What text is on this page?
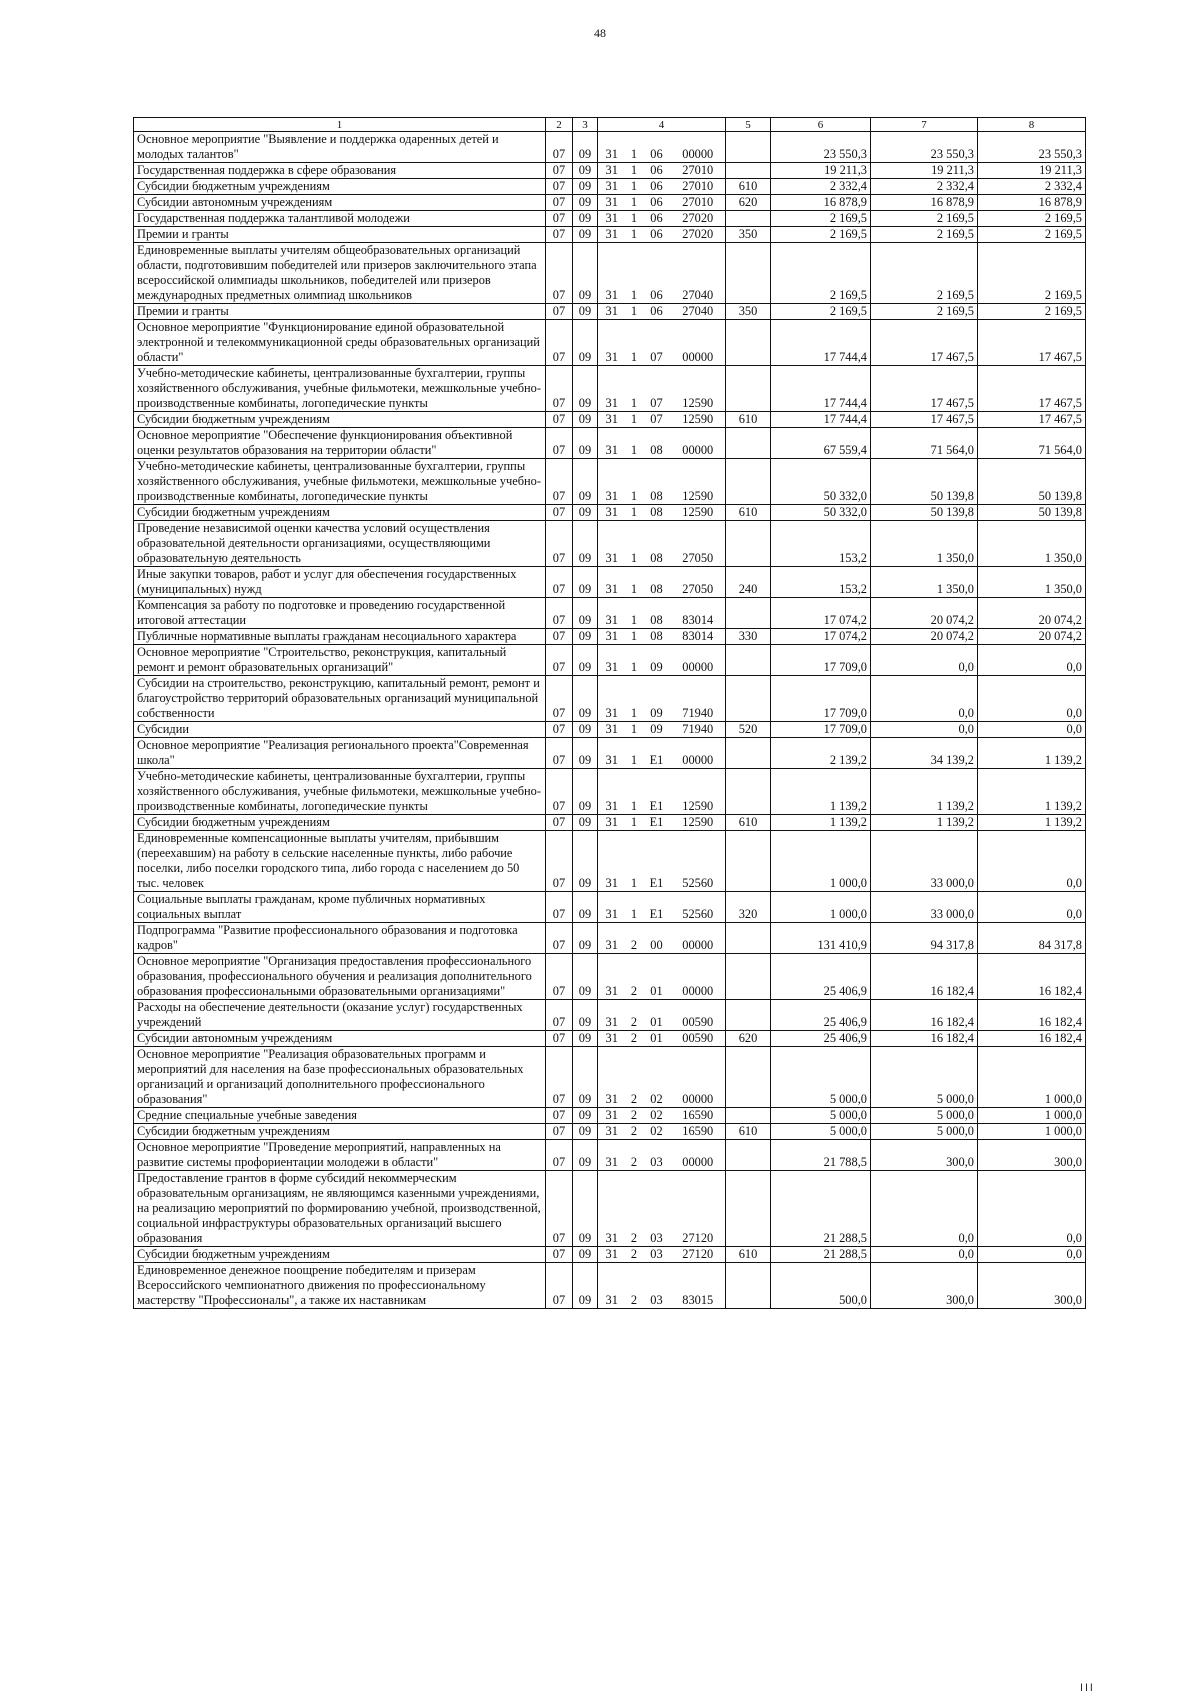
48
1	2	3	4				5	6	7	8
Основное мероприятие "Выявление и поддержка одаренных детей и молодых талантов"	07	09	31	1	06	00000		23 550,3	23 550,3	23 550,3
Государственная поддержка в сфере образования	07	09	31	1	06	27010		19 211,3	19 211,3	19 211,3
Субсидии бюджетным учреждениям	07	09	31	1	06	27010	610	2 332,4	2 332,4	2 332,4
Субсидии автономным учреждениям	07	09	31	1	06	27010	620	16 878,9	16 878,9	16 878,9
Государственная поддержка талантливой молодежи	07	09	31	1	06	27020		2 169,5	2 169,5	2 169,5
Премии и гранты	07	09	31	1	06	27020	350	2 169,5	2 169,5	2 169,5
Единовременные выплаты учителям общеобразовательных организаций области, подготовившим победителей или призеров заключительного этапа всероссийской олимпиады школьников, победителей или призеров международных предметных олимпиад школьников	07	09	31	1	06	27040		2 169,5	2 169,5	2 169,5
Премии и гранты	07	09	31	1	06	27040	350	2 169,5	2 169,5	2 169,5
Основное мероприятие "Функционирование единой образовательной электронной и телекоммуникационной среды образовательных организаций области"	07	09	31	1	07	00000		17 744,4	17 467,5	17 467,5
Учебно-методические кабинеты, централизованные бухгалтерии, группы хозяйственного обслуживания, учебные фильмотеки, межшкольные учебно-производственные комбинаты, логопедические пункты	07	09	31	1	07	12590		17 744,4	17 467,5	17 467,5
Субсидии бюджетным учреждениям	07	09	31	1	07	12590	610	17 744,4	17 467,5	17 467,5
Основное мероприятие "Обеспечение функционирования объективной оценки результатов образования на территории области"	07	09	31	1	08	00000		67 559,4	71 564,0	71 564,0
Учебно-методические кабинеты, централизованные бухгалтерии, группы хозяйственного обслуживания, учебные фильмотеки, межшкольные учебно-производственные комбинаты, логопедические пункты	07	09	31	1	08	12590		50 332,0	50 139,8	50 139,8
Субсидии бюджетным учреждениям	07	09	31	1	08	12590	610	50 332,0	50 139,8	50 139,8
Проведение независимой оценки качества условий осуществления образовательной деятельности организациями, осуществляющими образовательную деятельность	07	09	31	1	08	27050		153,2	1 350,0	1 350,0
Иные закупки товаров, работ и услуг для обеспечения государственных (муниципальных) нужд	07	09	31	1	08	27050	240	153,2	1 350,0	1 350,0
Компенсация за работу по подготовке и проведению государственной итоговой аттестации	07	09	31	1	08	83014		17 074,2	20 074,2	20 074,2
Публичные нормативные выплаты гражданам несоциального характера	07	09	31	1	08	83014	330	17 074,2	20 074,2	20 074,2
Основное мероприятие "Строительство, реконструкция, капитальный ремонт и ремонт образовательных организаций"	07	09	31	1	09	00000		17 709,0	0,0	0,0
Субсидии на строительство, реконструкцию, капитальный ремонт, ремонт и благоустройство территорий образовательных организаций муниципальной собственности	07	09	31	1	09	71940		17 709,0	0,0	0,0
Субсидии	07	09	31	1	09	71940	520	17 709,0	0,0	0,0
Основное мероприятие "Реализация регионального проекта"Современная школа"	07	09	31	1	E1	00000		2 139,2	34 139,2	1 139,2
Учебно-методические кабинеты, централизованные бухгалтерии, группы хозяйственного обслуживания, учебные фильмотеки, межшкольные учебно-производственные комбинаты, логопедические пункты	07	09	31	1	E1	12590		1 139,2	1 139,2	1 139,2
Субсидии бюджетным учреждениям	07	09	31	1	E1	12590	610	1 139,2	1 139,2	1 139,2
Единовременные компенсационные выплаты учителям, прибывшим (переехавшим) на работу в сельские населенные пункты, либо рабочие поселки, либо поселки городского типа, либо города с населением до 50 тыс. человек	07	09	31	1	E1	52560		1 000,0	33 000,0	0,0
Социальные выплаты гражданам, кроме публичных нормативных социальных выплат	07	09	31	1	E1	52560	320	1 000,0	33 000,0	0,0
Подпрограмма "Развитие профессионального образования и подготовка кадров"	07	09	31	2	00	00000		131 410,9	94 317,8	84 317,8
Основное мероприятие "Организация предоставления профессионального образования, профессионального обучения и реализация дополнительного образования профессиональными образовательными организациями"	07	09	31	2	01	00000		25 406,9	16 182,4	16 182,4
Расходы на обеспечение деятельности (оказание услуг) государственных учреждений	07	09	31	2	01	00590		25 406,9	16 182,4	16 182,4
Субсидии автономным учреждениям	07	09	31	2	01	00590	620	25 406,9	16 182,4	16 182,4
Основное мероприятие "Реализация образовательных программ и мероприятий для населения на базе профессиональных образовательных организаций и организаций дополнительного профессионального образования"	07	09	31	2	02	00000		5 000,0	5 000,0	1 000,0
Средние специальные учебные заведения	07	09	31	2	02	16590		5 000,0	5 000,0	1 000,0
Субсидии бюджетным учреждениям	07	09	31	2	02	16590	610	5 000,0	5 000,0	1 000,0
Основное мероприятие "Проведение мероприятий, направленных на развитие системы профориентации молодежи в области"	07	09	31	2	03	00000		21 788,5	300,0	300,0
Предоставление грантов в форме субсидий некоммерческим образовательным организациям, не являющимся казенными учреждениями, на реализацию мероприятий по формированию учебной, производственной, социальной инфраструктуры образовательных организаций высшего образования	07	09	31	2	03	27120		21 288,5	0,0	0,0
Субсидии бюджетным учреждениям	07	09	31	2	03	27120	610	21 288,5	0,0	0,0
Единовременное денежное поощрение победителям и призерам Всероссийского чемпионатного движения по профессиональному мастерству "Профессионалы", а также их наставникам	07	09	31	2	03	83015		500,0	300,0	300,0
ⅠⅠⅠ
